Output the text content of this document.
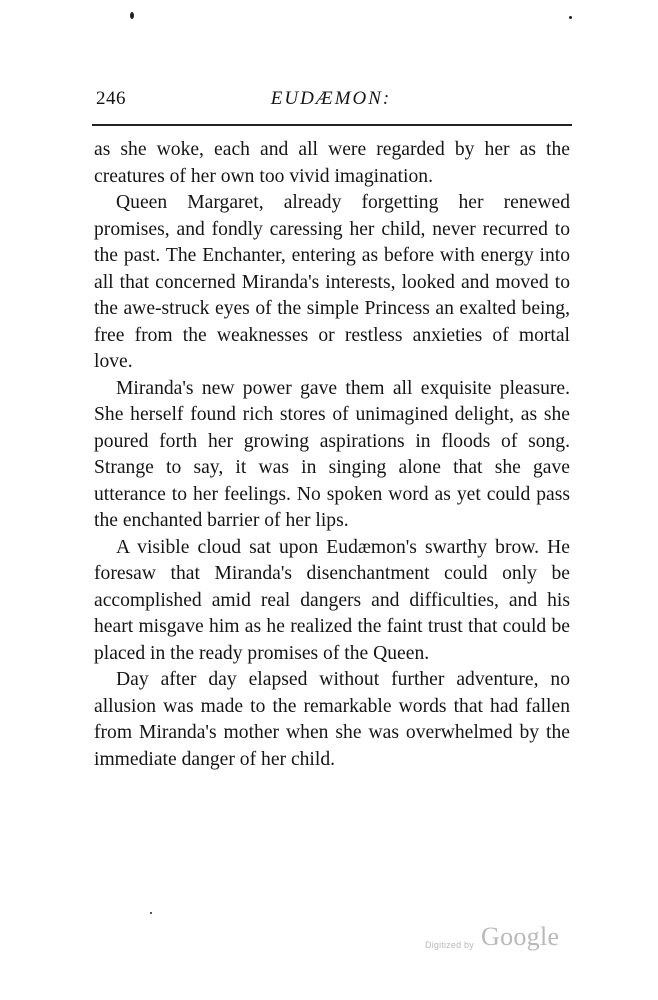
246	EUDÆMON:

as she woke, each and all were regarded by her as the creatures of her own too vivid imagination.

Queen Margaret, already forgetting her renewed promises, and fondly caressing her child, never recurred to the past. The Enchanter, entering as before with energy into all that concerned Miranda's interests, looked and moved to the awe-struck eyes of the simple Princess an exalted being, free from the weaknesses or restless anxieties of mortal love.

Miranda's new power gave them all exquisite pleasure. She herself found rich stores of unimagined delight, as she poured forth her growing aspirations in floods of song. Strange to say, it was in singing alone that she gave utterance to her feelings. No spoken word as yet could pass the enchanted barrier of her lips.

A visible cloud sat upon Eudæmon's swarthy brow. He foresaw that Miranda's disenchantment could only be accomplished amid real dangers and difficulties, and his heart misgave him as he realized the faint trust that could be placed in the ready promises of the Queen.

Day after day elapsed without further adventure, no allusion was made to the remarkable words that had fallen from Miranda's mother when she was overwhelmed by the immediate danger of her child.

Digitized by Google
